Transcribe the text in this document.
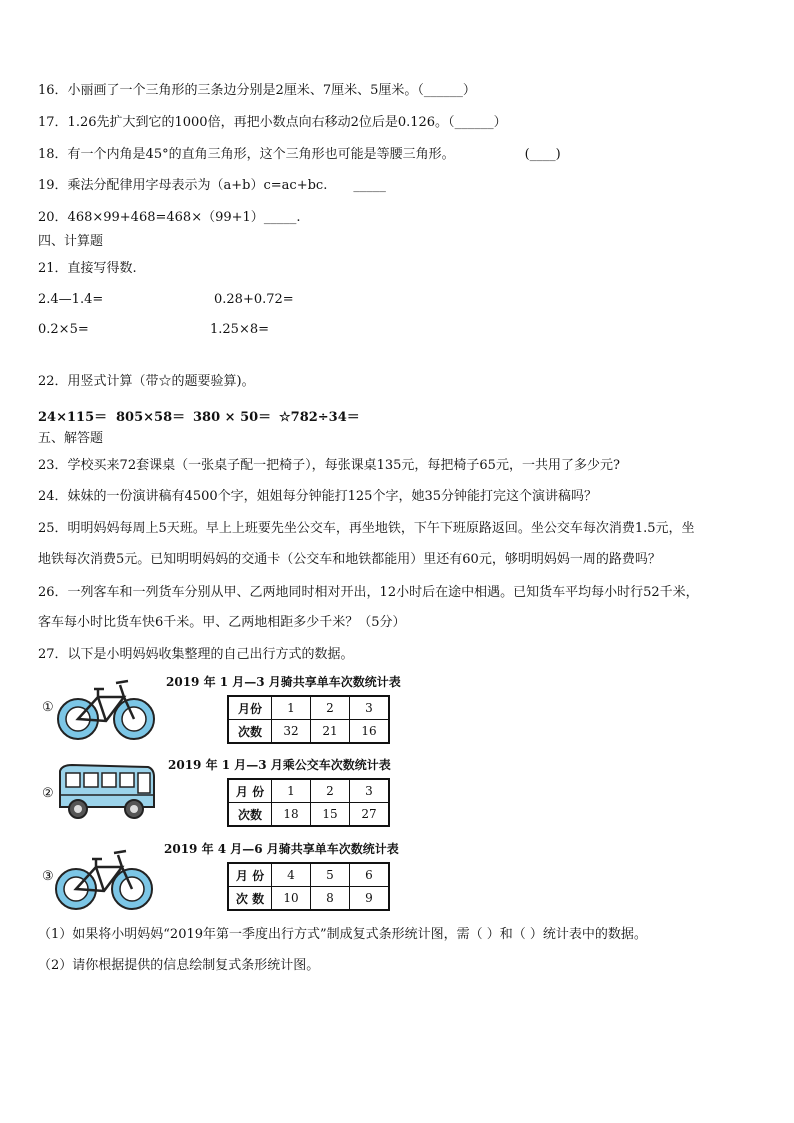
16．小丽画了一个三角形的三条边分别是2厘米、7厘米、5厘米。（______）
17．1.26先扩大到它的1000倍，再把小数点向右移动2位后是0.126。（______）
18．有一个内角是45°的直角三角形，这个三角形也可能是等腰三角形。	(____)
19．乘法分配律用字母表示为（a+b）c=ac+bc. _____
20．468×99+468=468×（99+1）_____.
四、计算题
21．直接写得数.
2.4—1.4=	0.28+0.72=
0.2×5=	1.25×8=
22．用竖式计算（带☆的题要验算)。
24×115＝ 805×58＝ 380 × 50＝ ☆782÷34＝
五、解答题
23．学校买来72套课桌（一张桌子配一把椅子），每张课桌135元，每把椅子65元，一共用了多少元?
24．妹妹的一份演讲稿有4500个字，姐姐每分钟能打125个字，她35分钟能打完这个演讲稿吗？
25．明明妈妈每周上5天班。早上上班要先坐公交车，再坐地铁，下午下班原路返回。坐公交车每次消费1.5元，坐
地铁每次消费5元。已知明明妈妈的交通卡（公交车和地铁都能用）里还有60元，够明明妈妈一周的路费吗？
26．一列客车和一列货车分别从甲、乙两地同时相对开出，12小时后在途中相遇。已知货车平均每小时行52千米，
客车每小时比货车快6千米。甲、乙两地相距多少千米？（5分）
27．以下是小明妈妈收集整理的自己出行方式的数据。
①
2019 年 1 月—3 月骑共享单车次数统计表
月份	1	2	3
次数	32	21	16
②
2019 年 1 月—3 月乘公交车次数统计表
月 份	1	2	3
次数	18	15	27
③
2019 年 4 月—6 月骑共享单车次数统计表
月 份	4	5	6
次 数	10	8	9
（1）如果将小明妈妈“2019年第一季度出行方式”制成复式条形统计图，需（ ）和（ ）统计表中的数据。
（2）请你根据提供的信息绘制复式条形统计图。
